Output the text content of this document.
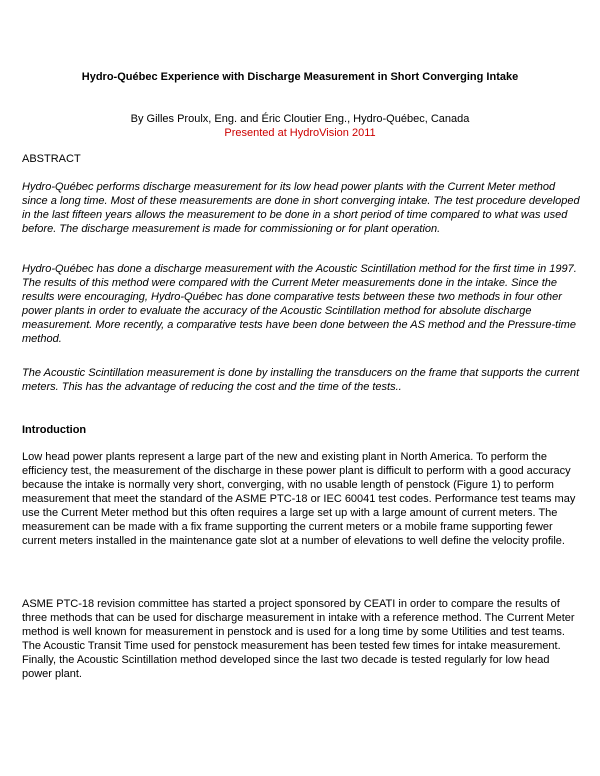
Hydro-Québec Experience with Discharge Measurement in Short Converging Intake
By Gilles Proulx, Eng. and Éric Cloutier Eng., Hydro-Québec, Canada
Presented at HydroVision 2011
ABSTRACT

Hydro-Québec performs discharge measurement for its low head power plants with the Current Meter method since a long time. Most of these measurements are done in short converging intake. The test procedure developed in the last fifteen years allows the measurement to be done in a short period of time compared to what was used before. The discharge measurement is made for commissioning or for plant operation.

Hydro-Québec has done a discharge measurement with the Acoustic Scintillation method for the first time in 1997. The results of this method were compared with the Current Meter measurements done in the intake. Since the results were encouraging, Hydro-Québec has done comparative tests between these two methods in four other power plants in order to evaluate the accuracy of the Acoustic Scintillation method for absolute discharge measurement. More recently, a comparative tests have been done between the AS method and the Pressure-time method.

The Acoustic Scintillation measurement is done by installing the transducers on the frame that supports the current meters. This has the advantage of reducing the cost and the time of the tests..

Introduction

Low head power plants represent a large part of the new and existing plant in North America. To perform the efficiency test, the measurement of the discharge in these power plant is difficult to perform with a good accuracy because the intake is normally very short, converging, with no usable length of penstock (Figure 1) to perform measurement that meet the standard of the ASME PTC-18 or IEC 60041 test codes. Performance test teams may use the Current Meter method but this often requires a large set up with a large amount of current meters. The measurement can be made with a fix frame supporting the current meters or a mobile frame supporting fewer current meters installed in the maintenance gate slot at a number of elevations to well define the velocity profile.

ASME PTC-18 revision committee has started a project sponsored by CEATI in order to compare the results of three methods that can be used for discharge measurement in intake with a reference method. The Current Meter method is well known for measurement in penstock and is used for a long time by some Utilities and test teams. The Acoustic Transit Time used for penstock measurement has been tested few times for intake measurement. Finally, the Acoustic Scintillation method developed since the last two decade is tested regularly for low head power plant.
